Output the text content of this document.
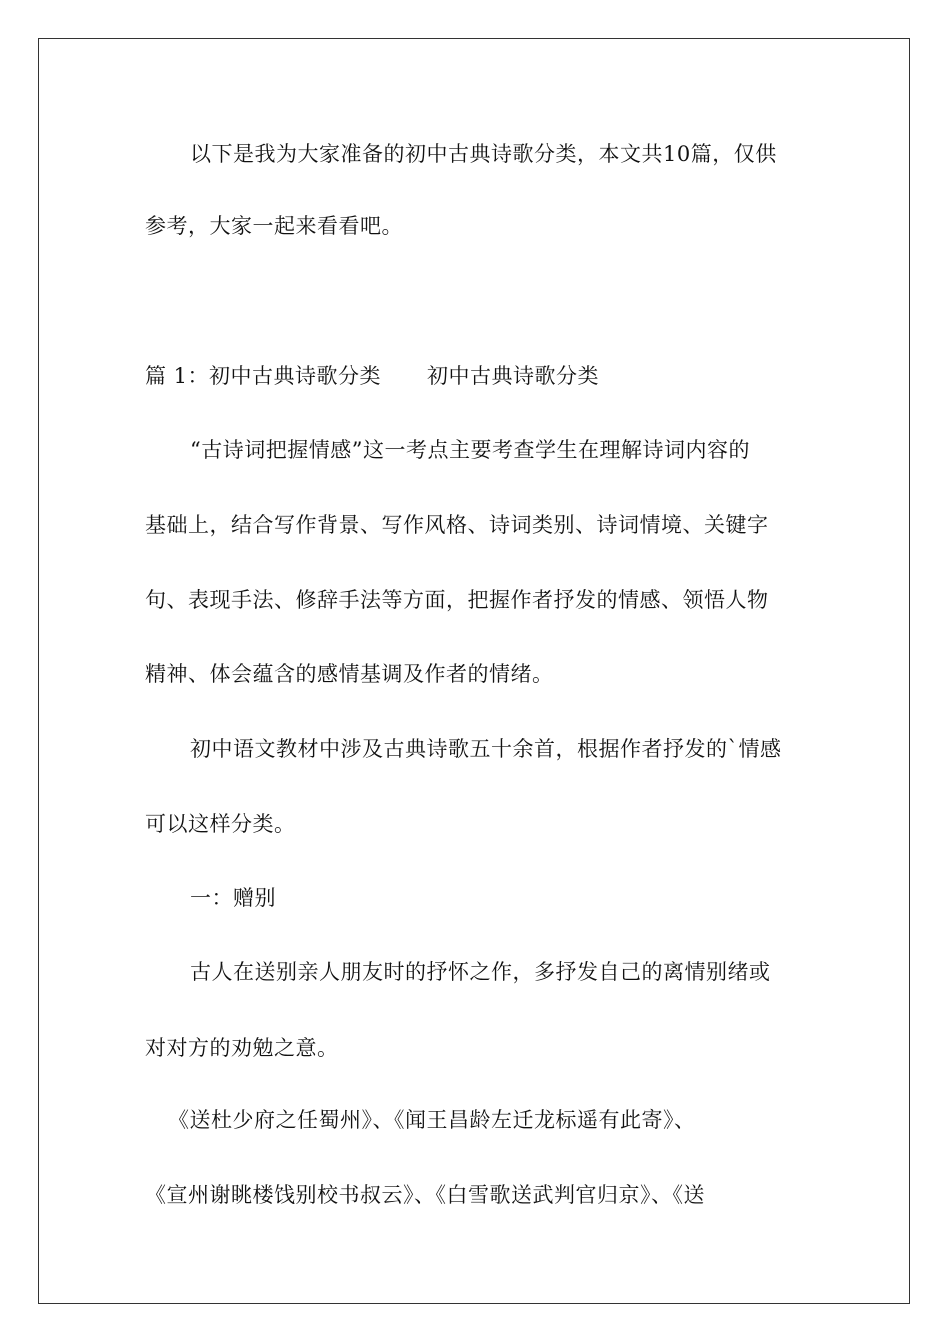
以下是我为大家准备的初中古典诗歌分类，本文共10篇，仅供
参考，大家一起来看看吧。
篇 1：初中古典诗歌分类 初中古典诗歌分类
“古诗词把握情感”这一考点主要考查学生在理解诗词内容的
基础上，结合写作背景、写作风格、诗词类别、诗词情境、关键字
句、表现手法、修辞手法等方面，把握作者抒发的情感、领悟人物
精神、体会蕴含的感情基调及作者的情绪。
初中语文教材中涉及古典诗歌五十余首，根据作者抒发的`情感
可以这样分类。
一：赠别
古人在送别亲人朋友时的抒怀之作，多抒发自己的离情别绪或
对对方的劝勉之意。
《送杜少府之任蜀州》、《闻王昌龄左迁龙标遥有此寄》、
《宣州谢眺楼饯别校书叔云》、《白雪歌送武判官归京》、《送
